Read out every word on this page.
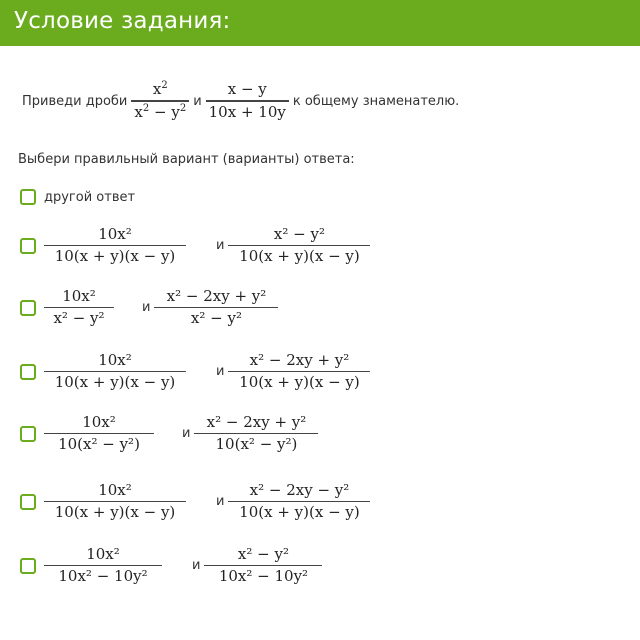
Условие задания:
Приведи дроби $\frac{x^2}{x^2 - y^2}$ и $\frac{x - y}{10x + 10y}$ к общему знаменателю.
Выбери правильный вариант (варианты) ответа:
другой ответ
$\frac{\text{10x²}}{10(x + y)(x - y)}$ и $\frac{\text{x² − y²}}{10(x + y)(x - y)}$
$\frac{\text{10x²}}{\text{x² − y²}}$ и $\frac{\text{x² − 2xy + y²}}{\text{x² − y²}}$
$\frac{\text{10x²}}{10(x + y)(x - y)}$ и $\frac{\text{x² − 2xy + y²}}{10(x + y)(x - y)}$
$\frac{\text{10x²}}{\text{10(x² − y²)}}$ и $\frac{\text{x² − 2xy + y²}}{\text{10(x² − y²)}}$
$\frac{\text{10x²}}{10(x + y)(x - y)}$ и $\frac{\text{x² − 2xy − y²}}{10(x + y)(x - y)}$
$\frac{\text{10x²}}{\text{10x² − 10y²}}$ и $\frac{\text{x² − y²}}{\text{10x² − 10y²}}$
